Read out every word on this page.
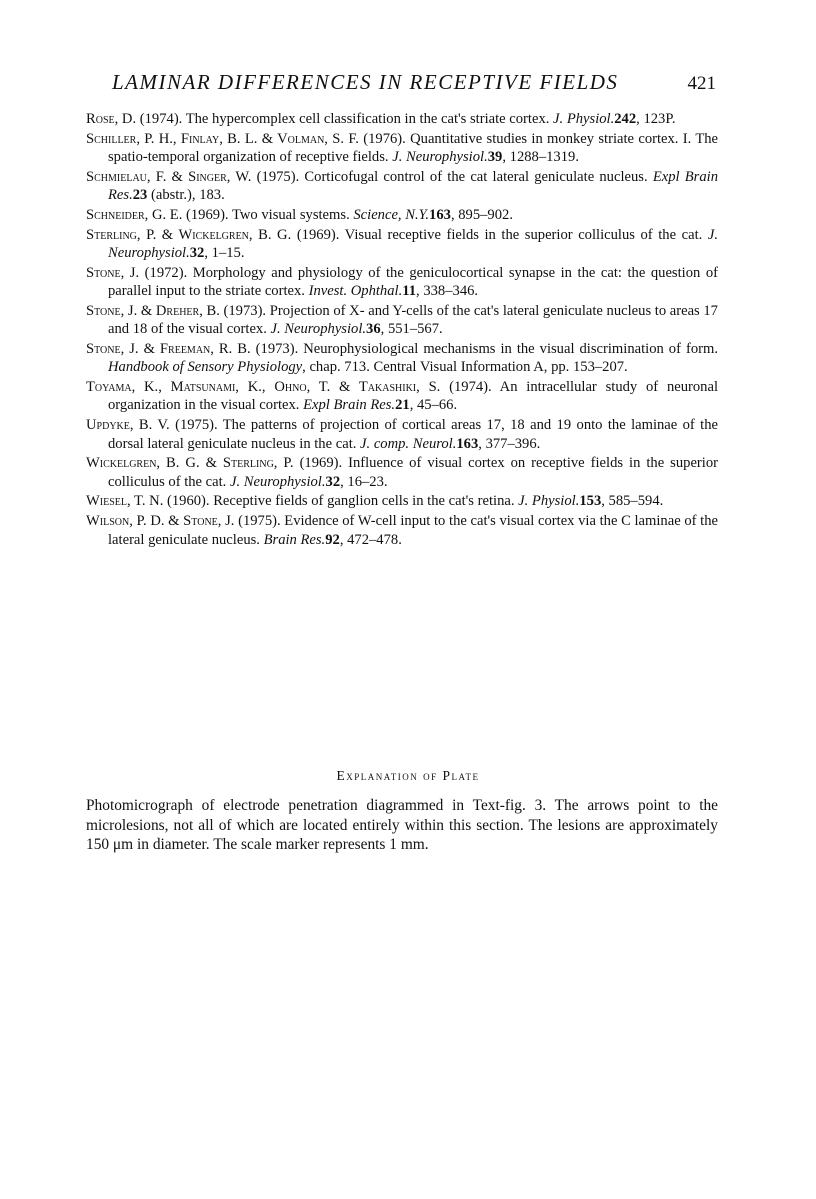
LAMINAR DIFFERENCES IN RECEPTIVE FIELDS	421

Rose, D. (1974). The hypercomplex cell classification in the cat's striate cortex. J. Physiol.242, 123P.

Schiller, P. H., Finlay, B. L. & Volman, S. F. (1976). Quantitative studies in monkey striate cortex. I. The spatio-temporal organization of receptive fields. J. Neurophysiol.39, 1288–1319.

Schmielau, F. & Singer, W. (1975). Corticofugal control of the cat lateral geniculate nucleus. Expl Brain Res.23 (abstr.), 183.

Schneider, G. E. (1969). Two visual systems. Science, N.Y.163, 895–902.

Sterling, P. & Wickelgren, B. G. (1969). Visual receptive fields in the superior colliculus of the cat. J. Neurophysiol.32, 1–15.

Stone, J. (1972). Morphology and physiology of the geniculocortical synapse in the cat: the question of parallel input to the striate cortex. Invest. Ophthal.11, 338–346.

Stone, J. & Dreher, B. (1973). Projection of X- and Y-cells of the cat's lateral geniculate nucleus to areas 17 and 18 of the visual cortex. J. Neurophysiol.36, 551–567.

Stone, J. & Freeman, R. B. (1973). Neurophysiological mechanisms in the visual discrimination of form. Handbook of Sensory Physiology, chap. 713. Central Visual Information A, pp. 153–207.

Toyama, K., Matsunami, K., Ohno, T. & Takashiki, S. (1974). An intracellular study of neuronal organization in the visual cortex. Expl Brain Res.21, 45–66.

Updyke, B. V. (1975). The patterns of projection of cortical areas 17, 18 and 19 onto the laminae of the dorsal lateral geniculate nucleus in the cat. J. comp. Neurol.163, 377–396.

Wickelgren, B. G. & Sterling, P. (1969). Influence of visual cortex on receptive fields in the superior colliculus of the cat. J. Neurophysiol.32, 16–23.

Wiesel, T. N. (1960). Receptive fields of ganglion cells in the cat's retina. J. Physiol.153, 585–594.

Wilson, P. D. & Stone, J. (1975). Evidence of W-cell input to the cat's visual cortex via the C laminae of the lateral geniculate nucleus. Brain Res.92, 472–478.

Explanation of Plate

Photomicrograph of electrode penetration diagrammed in Text-fig. 3. The arrows point to the microlesions, not all of which are located entirely within this section. The lesions are approximately 150 μm in diameter. The scale marker represents 1 mm.
